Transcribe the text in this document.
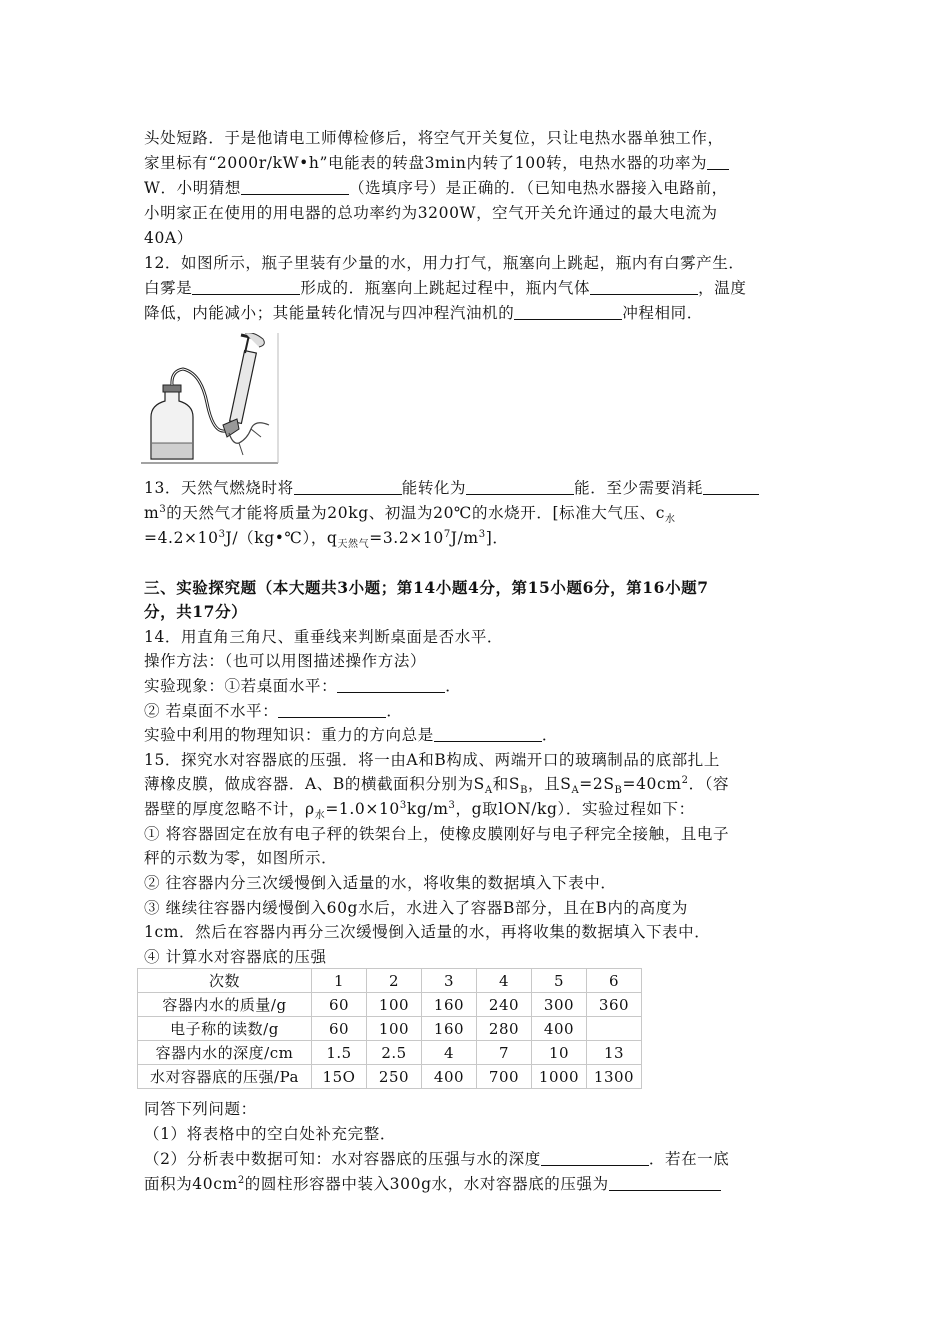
头处短路．于是他请电工师傅检修后，将空气开关复位，只让电热水器单独工作，
家里标有“2000r/kW•h”电能表的转盘3min内转了100转，电热水器的功率为
W．小明猜想	（选填序号）是正确的．（已知电热水器接入电路前，
小明家正在使用的用电器的总功率约为3200W，空气开关允许通过的最大电流为
40A）
12．如图所示，瓶子里装有少量的水，用力打气，瓶塞向上跳起，瓶内有白雾产生．
白雾是	形成的．瓶塞向上跳起过程中，瓶内气体	，温度
降低，内能减小；其能量转化情况与四冲程汽油机的	冲程相同．
13．天然气燃烧时将	能转化为	能．至少需要消耗
$m^3$的天然气才能将质量为20kg、初温为20℃的水烧开．[标准大气压、$c_水$
$=4.2\times 10^3J/(kg•℃)$，$q_{天然气}=3.2\times 10^7J/m^3$]．
三、实验探究题（本大题共3小题；第14小题4分，第15小题6分，第16小题7
分，共17分）
14．用直角三角尺、重垂线来判断桌面是否水平．
操作方法：（也可以用图描述操作方法）
实验现象：①若桌面水平：	．
② 若桌面不水平：	．
实验中利用的物理知识：重力的方向总是	．
15．探究水对容器底的压强．将一由A和B构成、两端开口的玻璃制品的底部扎上
薄橡皮膜，做成容器．A、B的横截面积分别为$S_A$和$S_B$，且$S_A=2S_B=40cm^2$．（容
器壁的厚度忽略不计，$\rho_水=1.0\times 10^3kg/m^3$，g取lON/kg）．实验过程如下：
① 将容器固定在放有电子秤的铁架台上，使橡皮膜刚好与电子秤完全接触，且电子
秤的示数为零，如图所示．
② 往容器内分三次缓慢倒入适量的水，将收集的数据填入下表中．
③ 继续往容器内缓慢倒入60g水后，水进入了容器B部分，且在B内的高度为
1cm．然后在容器内再分三次缓慢倒入适量的水，再将收集的数据填入下表中．
④ 计算水对容器底的压强
次数	1	2	3	4	5	6
容器内水的质量/g	60	100	160	240	300	360
电子称的读数/g	60	100	160	280	400	
容器内水的深度/cm	1.5	2.5	4	7	10	13
水对容器底的压强/Pa	15O	250	400	700	1000	1300
同答下列问题：
（1）将表格中的空白处补充完整．
（2）分析表中数据可知：水对容器底的压强与水的深度	．若在一底
面积为$40cm^2$的圆柱形容器中装入300g水，水对容器底的压强为
